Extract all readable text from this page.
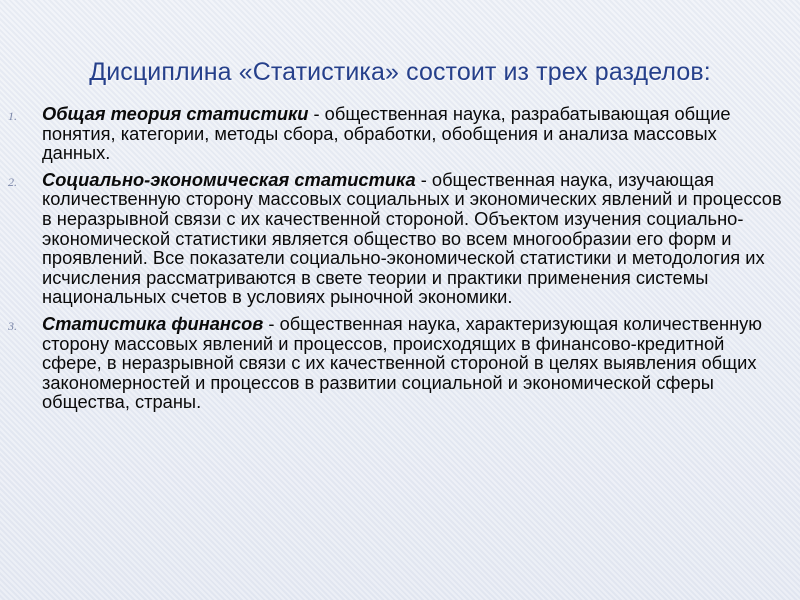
Дисциплина «Статистика» состоит из трех разделов:
1. Общая теория статистики - общественная наука, разрабатывающая общие понятия, категории, методы сбора, обработки, обобщения и анализа массовых данных.
2. Социально-экономическая статистика - общественная наука, изучающая количественную сторону массовых социальных и экономических явлений и процессов в неразрывной связи с их качественной стороной. Объектом изучения социально-экономической статистики является общество во всем многообразии его форм и проявлений. Все показатели социально-экономической статистики и методология их исчисления рассматриваются в свете теории и практики применения системы национальных счетов в условиях рыночной экономики.
3. Статистика финансов - общественная наука, характеризующая количественную сторону массовых явлений и процессов, происходящих в финансово-кредитной сфере, в неразрывной связи с их качественной стороной в целях выявления общих закономерностей и процессов в развитии социальной и экономической сферы общества, страны.
